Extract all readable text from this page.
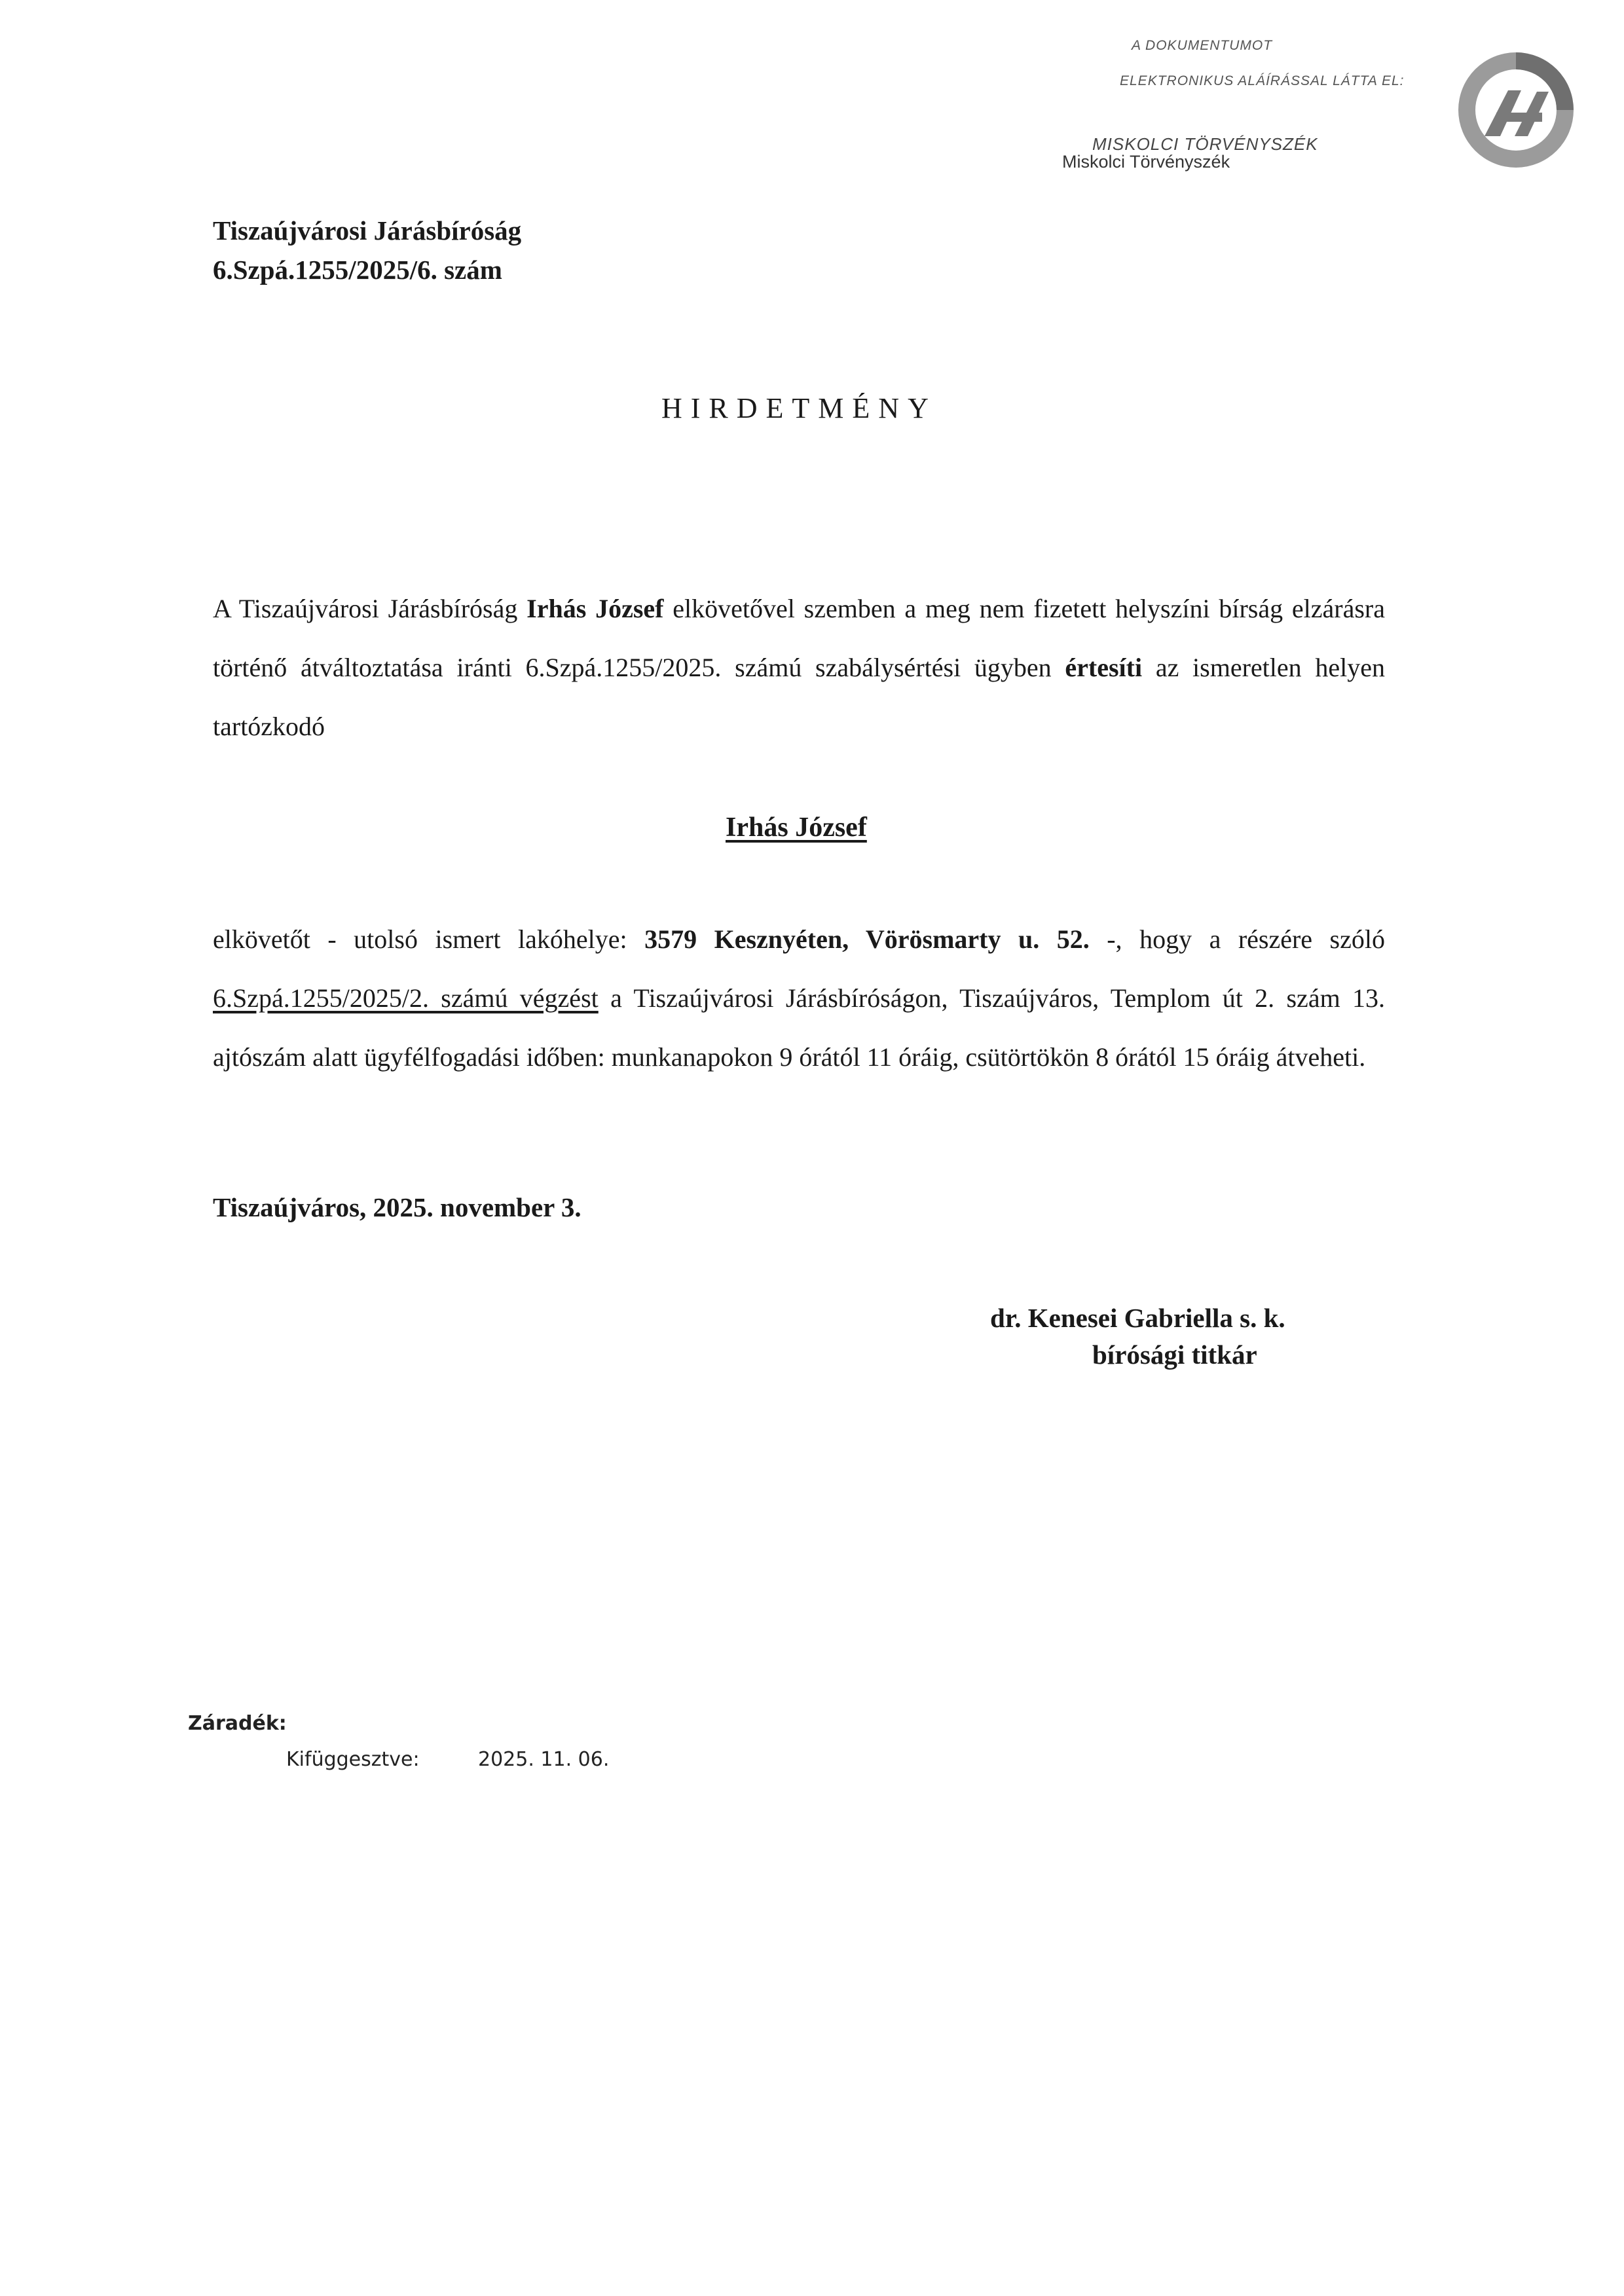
A DOKUMENTUMOT
ELEKTRONIKUS ALÁÍRÁSSAL LÁTTA EL:
MISKOLCI TÖRVÉNYSZÉK
Miskolci Törvényszék
Tiszaújvárosi Járásbíróság
6.Szpá.1255/2025/6. szám
HIRDETMÉNY
A Tiszaújvárosi Járásbíróság Irhás József elkövetővel szemben a meg nem fizetett helyszíni bírság elzárásra történő átváltoztatása iránti 6.Szpá.1255/2025. számú szabálysértési ügyben értesíti az ismeretlen helyen tartózkodó
Irhás József
elkövetőt - utolsó ismert lakóhelye: 3579 Kesznyéten, Vörösmarty u. 52. -, hogy a részére szóló 6.Szpá.1255/2025/2. számú végzést a Tiszaújvárosi Járásbíróságon, Tiszaújváros, Templom út 2. szám 13. ajtószám alatt ügyfélfogadási időben: munkanapokon 9 órától 11 óráig, csütörtökön 8 órától 15 óráig átveheti.
Tiszaújváros, 2025. november 3.
dr. Kenesei Gabriella s. k.
bírósági titkár
Záradék:
Kifüggesztve:	2025. 11. 06.
